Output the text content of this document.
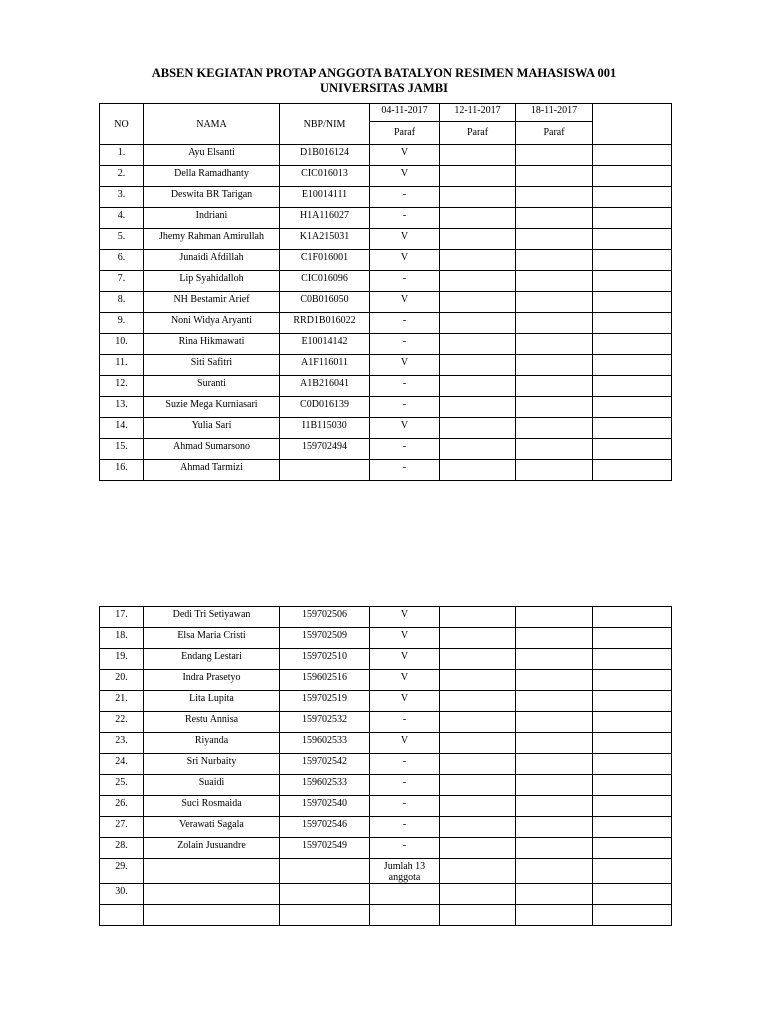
ABSEN KEGIATAN PROTAP ANGGOTA BATALYON RESIMEN MAHASISWA 001
UNIVERSITAS JAMBI
NO	NAMA	NBP/NIM	04-11-2017	12-11-2017	18-11-2017	
			Paraf	Paraf	Paraf	
1.	Ayu Elsanti	D1B016124	V			
2.	Della Ramadhanty	CIC016013	V			
3.	Deswita BR Tarigan	E10014111	-			
4.	Indriani	H1A116027	-			
5.	Jhemy Rahman Amirullah	K1A215031	V			
6.	Junaidi Afdillah	C1F016001	V			
7.	Lip Syahidalloh	CIC016096	-			
8.	NH Bestamir Arief	C0B016050	V			
9.	Noni Widya Aryanti	RRD1B016022	-			
10.	Rina Hikmawati	E10014142	-			
11.	Siti Safitri	A1F116011	V			
12.	Suranti	A1B216041	-			
13.	Suzie Mega Kurniasari	C0D016139	-			
14.	Yulia Sari	I1B115030	V			
15.	Ahmad Sumarsono	159702494	-			
16.	Ahmad Tarmizi		-			
17.	Dedi Tri Setiyawan	159702506	V			
18.	Elsa Maria Cristi	159702509	V			
19.	Endang Lestari	159702510	V			
20.	Indra Prasetyo	159602516	V			
21.	Lita Lupita	159702519	V			
22.	Restu Annisa	159702532	-			
23.	Riyanda	159602533	V			
24.	Sri Nurbaity	159702542	-			
25.	Suaidi	159602533	-			
26.	Suci Rosmaida	159702540	-			
27.	Verawati Sagala	159702546	-			
28.	Zolain Jusuandre	159702549	-			
29.			Jumlah 13 anggota			
30.						
